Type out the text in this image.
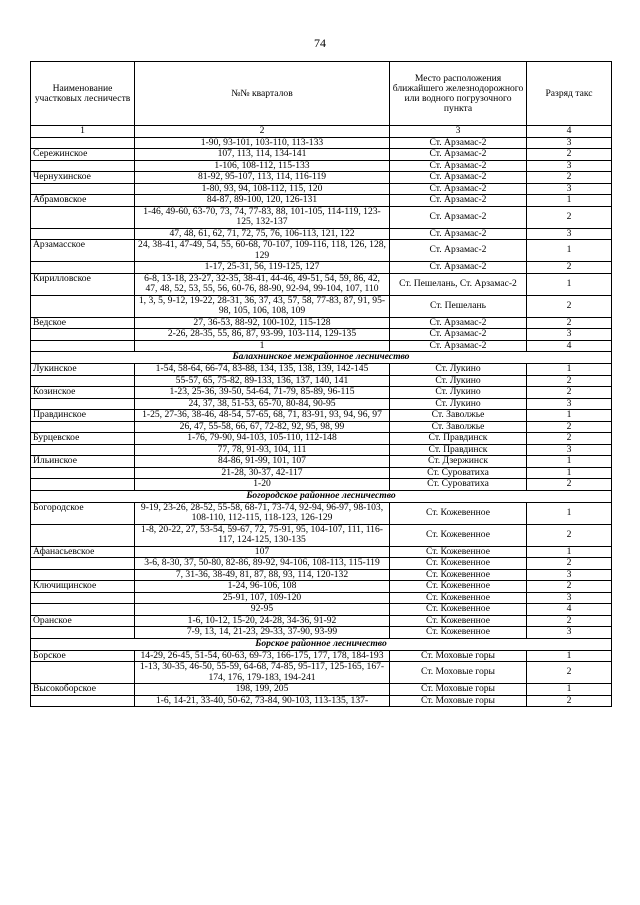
74
Наименование участковых лесничеств	№№ кварталов	Место расположения ближайшего железнодорожного или водного погрузочного пункта	Разряд такс
1	2	3	4
	1-90, 93-101, 103-110, 113-133	Ст. Арзамас-2	3
Сережинское	107, 113, 114, 134-141	Ст. Арзамас-2	2
	1-106, 108-112, 115-133	Ст. Арзамас-2	3
Чернухинское	81-92, 95-107, 113, 114, 116-119	Ст. Арзамас-2	2
	1-80, 93, 94, 108-112, 115, 120	Ст. Арзамас-2	3
Абрамовское	84-87, 89-100, 120, 126-131	Ст. Арзамас-2	1
	1-46, 49-60, 63-70, 73, 74, 77-83, 88, 101-105, 114-119, 123-125, 132-137	Ст. Арзамас-2	2
	47, 48, 61, 62, 71, 72, 75, 76, 106-113, 121, 122	Ст. Арзамас-2	3
Арзамасское	24, 38-41, 47-49, 54, 55, 60-68, 70-107, 109-116, 118, 126, 128, 129	Ст. Арзамас-2	1
	1-17, 25-31, 56, 119-125, 127	Ст. Арзамас-2	2
Кирилловское	6-8, 13-18, 23-27, 32-35, 38-41, 44-46, 49-51, 54, 59, 86, 42, 47, 48, 52, 53, 55, 56, 60-76, 88-90, 92-94, 99-104, 107, 110	Ст. Пешелань, Ст. Арзамас-2	1
	1, 3, 5, 9-12, 19-22, 28-31, 36, 37, 43, 57, 58, 77-83, 87, 91, 95-98, 105, 106, 108, 109	Ст. Пешелань	2
Ведское	27, 36-53, 88-92, 100-102, 115-128	Ст. Арзамас-2	2
	2-26, 28-35, 55, 86, 87, 93-99, 103-114, 129-135	Ст. Арзамас-2	3
	1	Ст. Арзамас-2	4
Балахнинское межрайонное лесничество			
Лукинское	1-54, 58-64, 66-74, 83-88, 134, 135, 138, 139, 142-145	Ст. Лукино	1
	55-57, 65, 75-82, 89-133, 136, 137, 140, 141	Ст. Лукино	2
Козинское	1-23, 25-36, 39-50, 54-64, 71-79, 85-89, 96-115	Ст. Лукино	2
	24, 37, 38, 51-53, 65-70, 80-84, 90-95	Ст. Лукино	3
Правдинское	1-25, 27-36, 38-46, 48-54, 57-65, 68, 71, 83-91, 93, 94, 96, 97	Ст. Заволжье	1
	26, 47, 55-58, 66, 67, 72-82, 92, 95, 98, 99	Ст. Заволжье	2
Бурцевское	1-76, 79-90, 94-103, 105-110, 112-148	Ст. Правдинск	2
	77, 78, 91-93, 104, 111	Ст. Правдинск	3
Ильинское	84-86, 91-99, 101, 107	Ст. Дзержинск	1
	21-28, 30-37, 42-117	Ст. Суроватиха	1
	1-20	Ст. Суроватиха	2
Богородское районное лесничество			
Богородское	9-19, 23-26, 28-52, 55-58, 68-71, 73-74, 92-94, 96-97, 98-103, 108-110, 112-115, 118-123, 126-129	Ст. Кожевенное	1
	1-8, 20-22, 27, 53-54, 59-67, 72, 75-91, 95, 104-107, 111, 116-117, 124-125, 130-135	Ст. Кожевенное	2
Афанасьевское	107	Ст. Кожевенное	1
	3-6, 8-30, 37, 50-80, 82-86, 89-92, 94-106, 108-113, 115-119	Ст. Кожевенное	2
	7, 31-36, 38-49, 81, 87, 88, 93, 114, 120-132	Ст. Кожевенное	3
Ключищинское	1-24, 96-106, 108	Ст. Кожевенное	2
	25-91, 107, 109-120	Ст. Кожевенное	3
	92-95	Ст. Кожевенное	4
Оранское	1-6, 10-12, 15-20, 24-28, 34-36, 91-92	Ст. Кожевенное	2
	7-9, 13, 14, 21-23, 29-33, 37-90, 93-99	Ст. Кожевенное	3
Борское районное лесничество			
Борское	14-29, 26-45, 51-54, 60-63, 69-73, 166-175, 177, 178, 184-193	Ст. Моховые горы	1
	1-13, 30-35, 46-50, 55-59, 64-68, 74-85, 95-117, 125-165, 167-174, 176, 179-183, 194-241	Ст. Моховые горы	2
Высокоборское	198, 199, 205	Ст. Моховые горы	1
	1-6, 14-21, 33-40, 50-62, 73-84, 90-103, 113-135, 137-	Ст. Моховые горы	2
